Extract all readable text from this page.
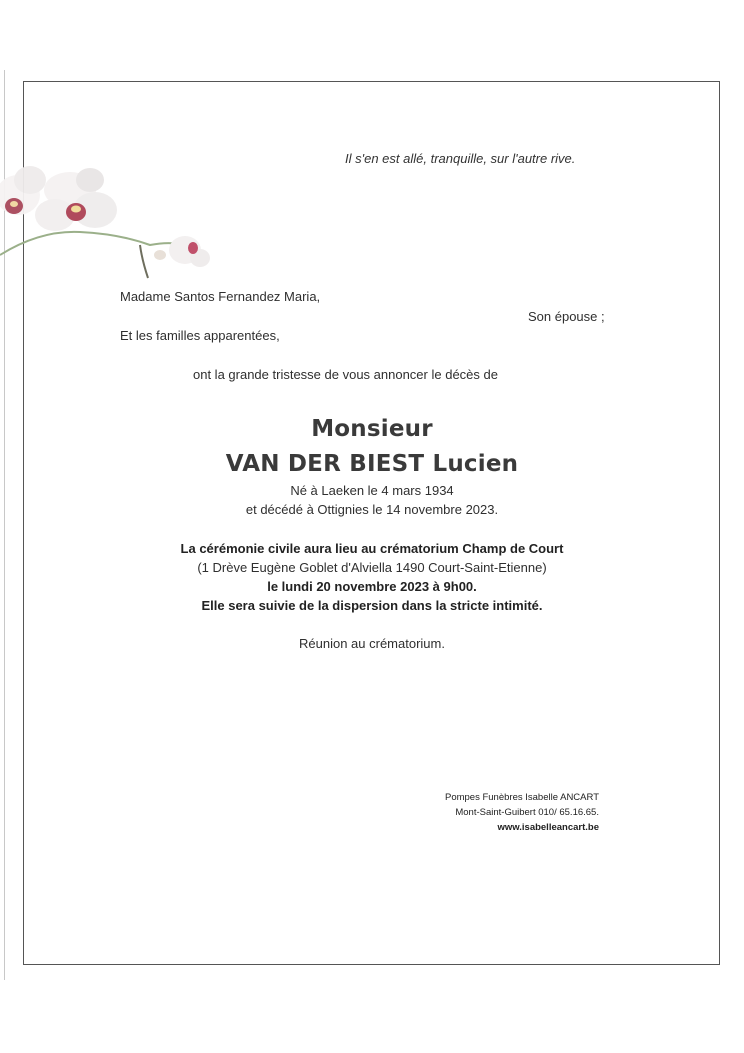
Il s'en est allé, tranquille, sur l'autre rive.
Madame Santos Fernandez Maria,
Son épouse ;
Et les familles apparentées,
ont la grande tristesse de vous annoncer le décès de
Monsieur
VAN DER BIEST Lucien
Né à Laeken le 4 mars 1934
et décédé à Ottignies le 14 novembre 2023.
La cérémonie civile aura lieu au crématorium Champ de Court
(1 Drève Eugène Goblet d'Alviella 1490 Court-Saint-Etienne)
le lundi 20 novembre 2023 à 9h00.
Elle sera suivie de la dispersion dans la stricte intimité.
Réunion au crématorium.
Pompes Funèbres Isabelle ANCART
Mont-Saint-Guibert 010/ 65.16.65.
www.isabelleancart.be
